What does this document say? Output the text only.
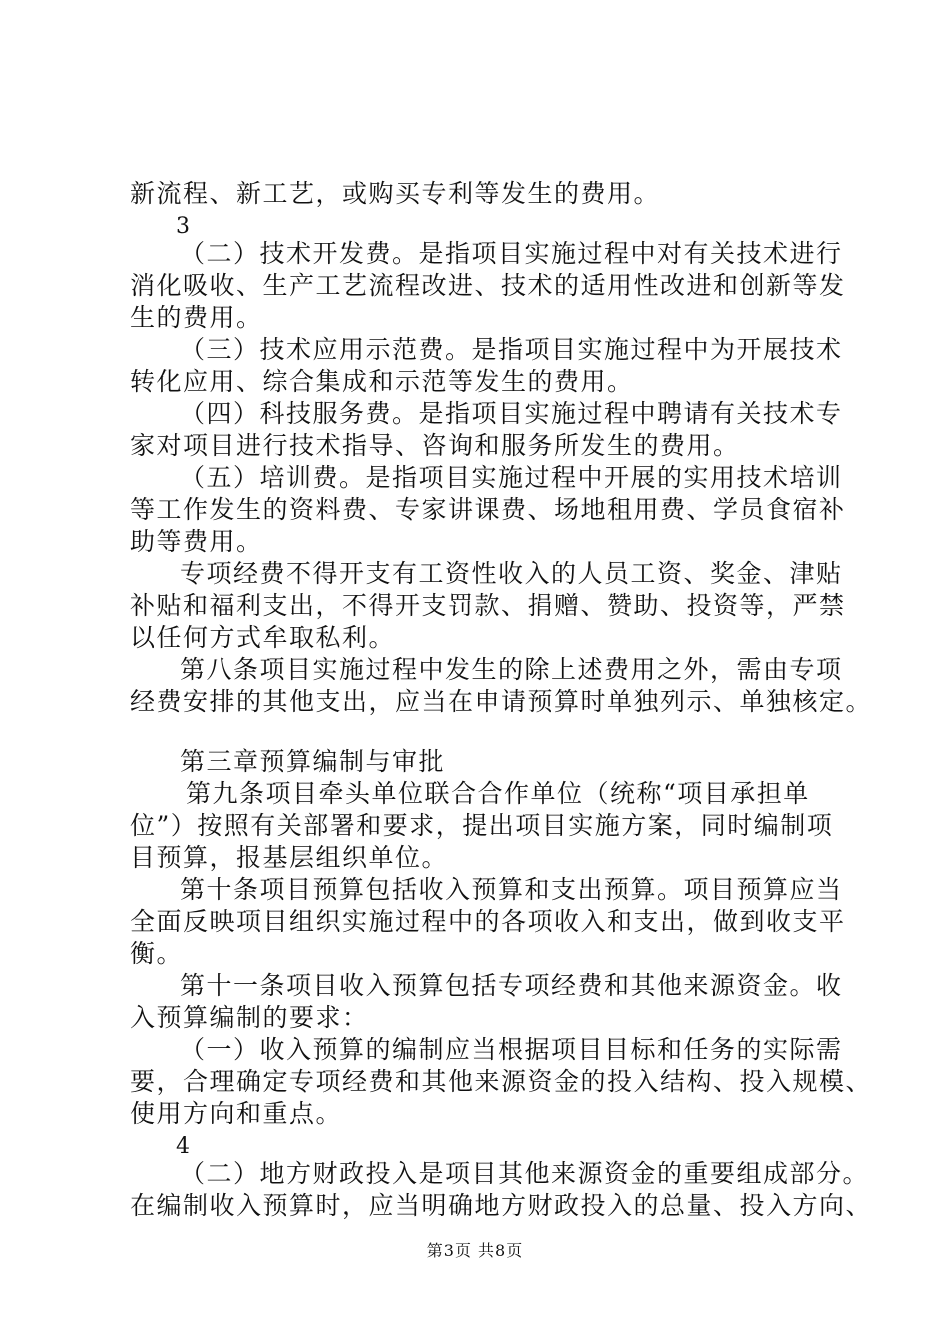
新流程、新工艺，或购买专利等发生的费用。
3
（二）技术开发费。是指项目实施过程中对有关技术进行
消化吸收、生产工艺流程改进、技术的适用性改进和创新等发
生的费用。
（三）技术应用示范费。是指项目实施过程中为开展技术
转化应用、综合集成和示范等发生的费用。
（四）科技服务费。是指项目实施过程中聘请有关技术专
家对项目进行技术指导、咨询和服务所发生的费用。
（五）培训费。是指项目实施过程中开展的实用技术培训
等工作发生的资料费、专家讲课费、场地租用费、学员食宿补
助等费用。
专项经费不得开支有工资性收入的人员工资、奖金、津贴
补贴和福利支出，不得开支罚款、捐赠、赞助、投资等，严禁
以任何方式牟取私利。
第八条项目实施过程中发生的除上述费用之外，需由专项
经费安排的其他支出，应当在申请预算时单独列示、单独核定。
第三章预算编制与审批
第九条项目牵头单位联合合作单位（统称“项目承担单
位”）按照有关部署和要求，提出项目实施方案，同时编制项
目预算，报基层组织单位。
第十条项目预算包括收入预算和支出预算。项目预算应当
全面反映项目组织实施过程中的各项收入和支出，做到收支平
衡。
第十一条项目收入预算包括专项经费和其他来源资金。收
入预算编制的要求：
（一）收入预算的编制应当根据项目目标和任务的实际需
要，合理确定专项经费和其他来源资金的投入结构、投入规模、
使用方向和重点。
4
（二）地方财政投入是项目其他来源资金的重要组成部分。
在编制收入预算时，应当明确地方财政投入的总量、投入方向、
第3页 共8页
